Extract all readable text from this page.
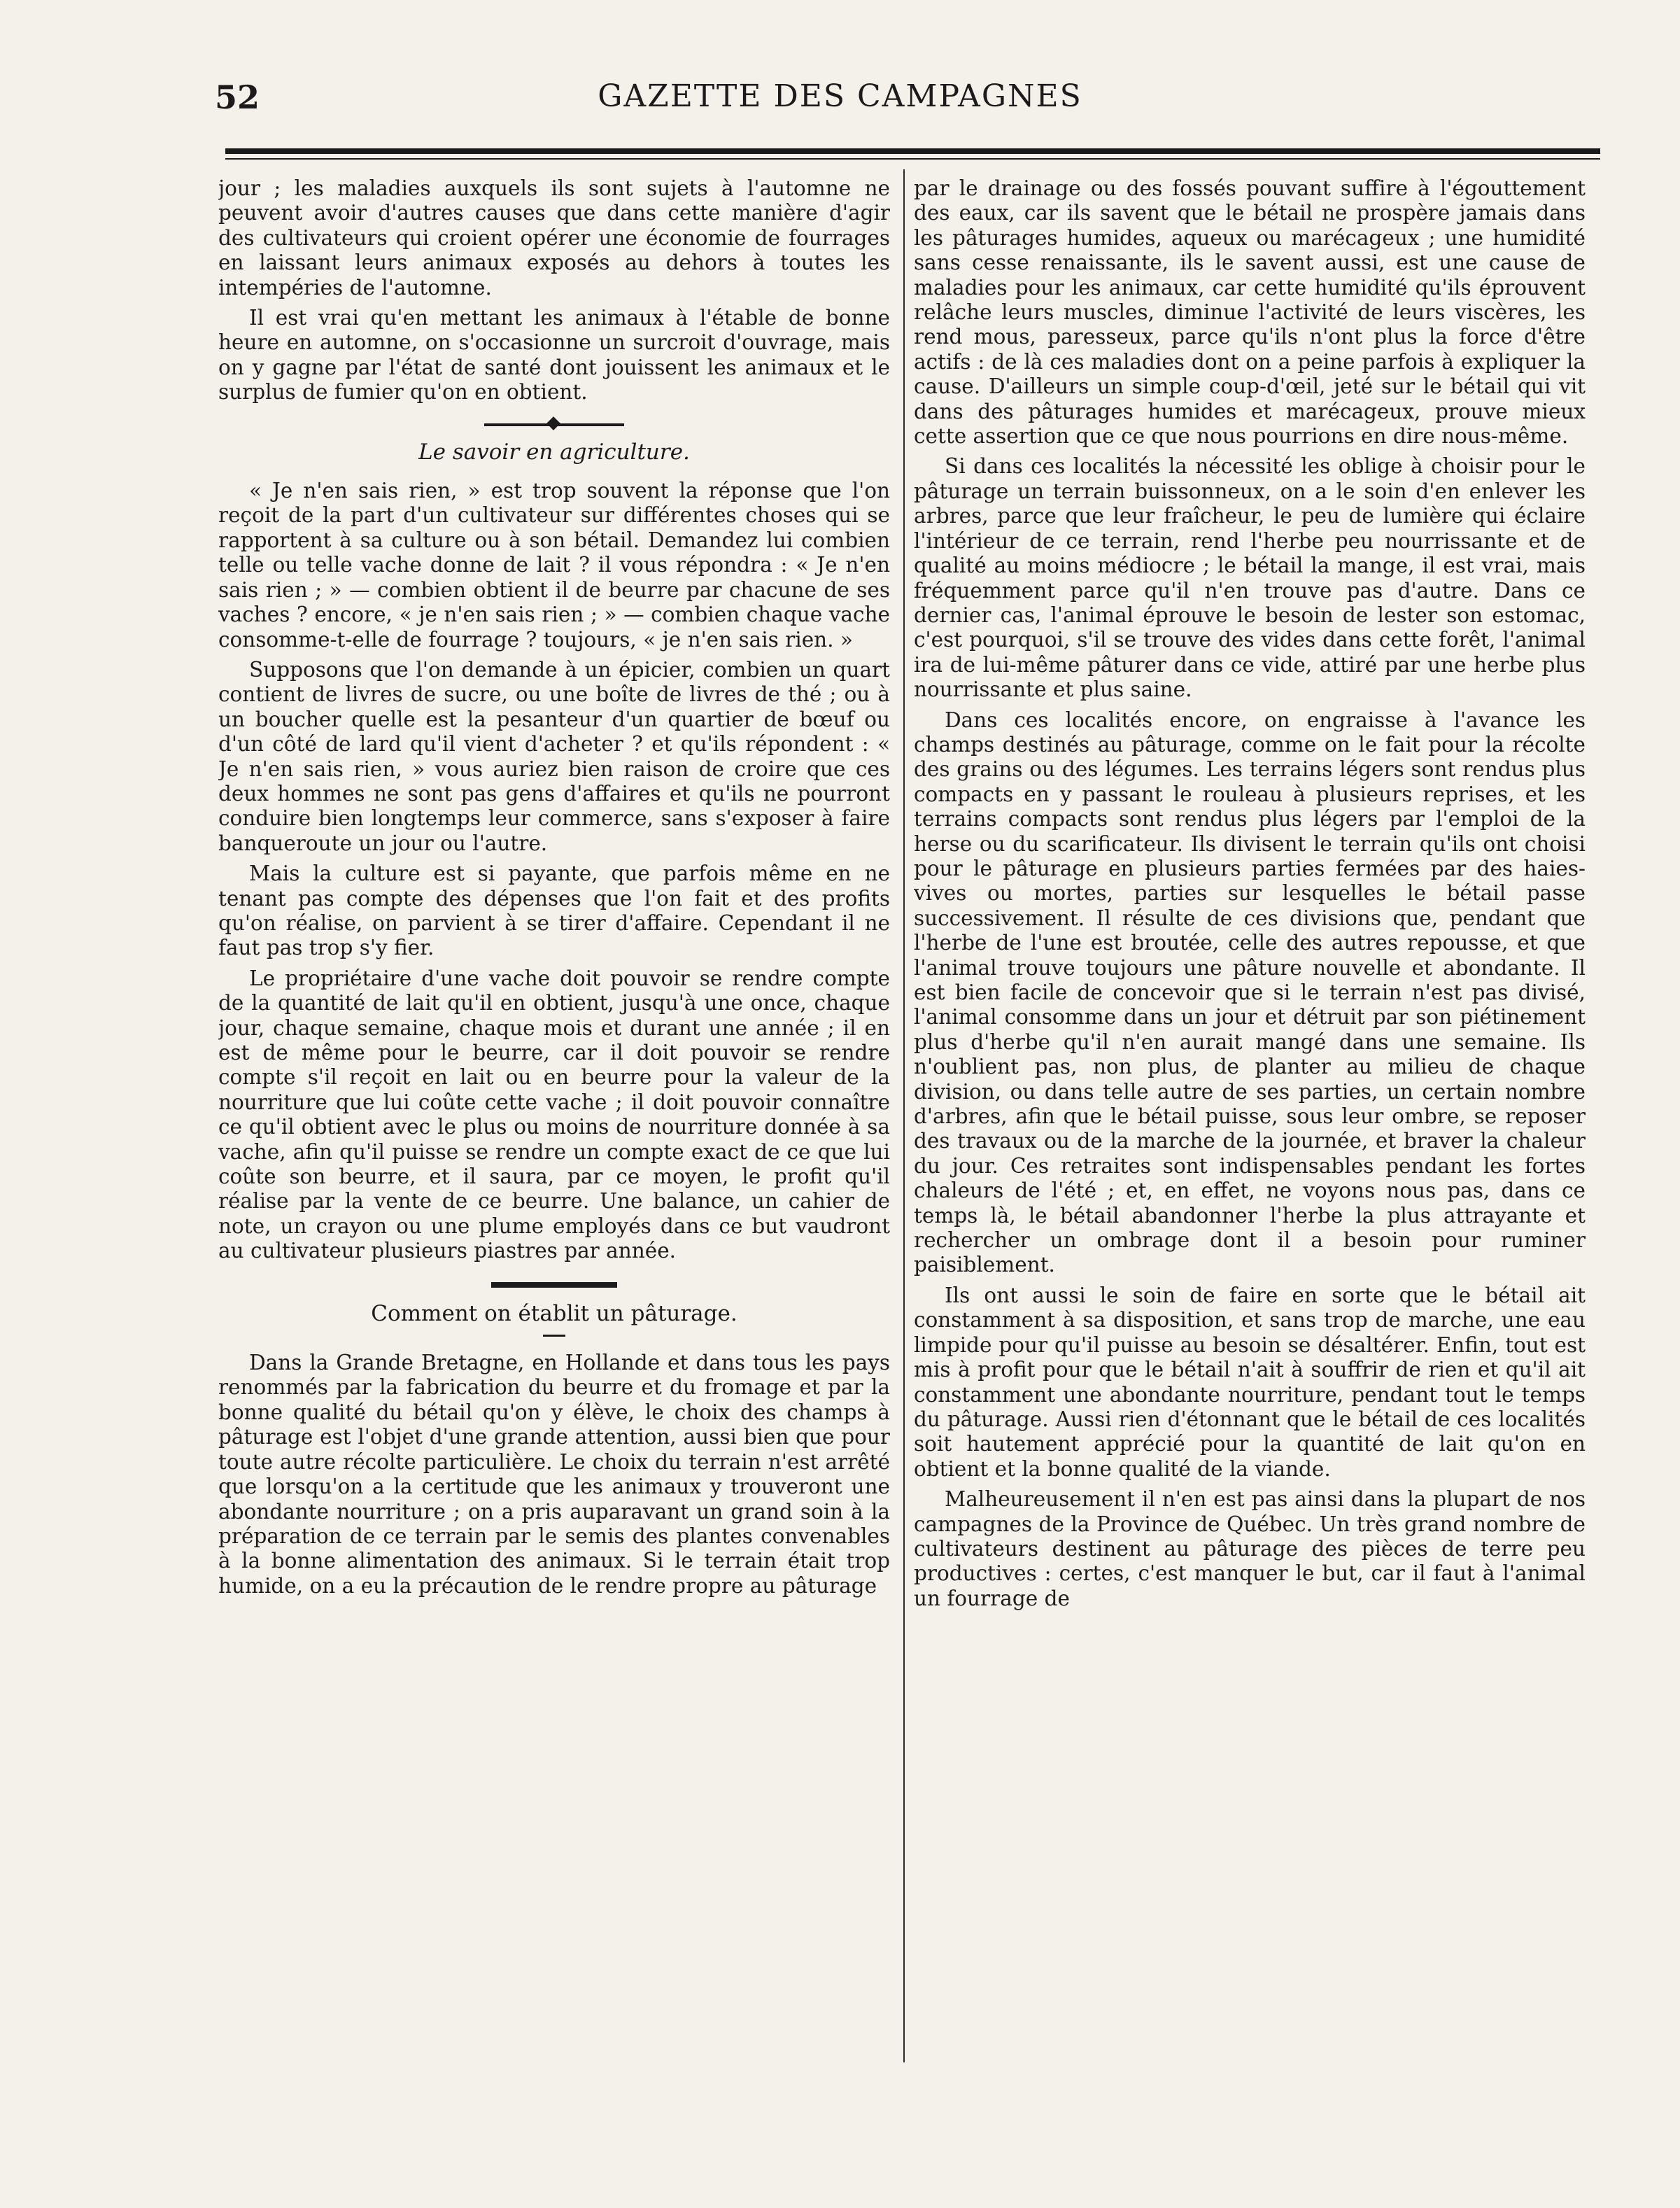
52	GAZETTE DES CAMPAGNES

jour ; les maladies auxquels ils sont sujets à l'automne ne peuvent avoir d'autres causes que dans cette manière d'agir des cultivateurs qui croient opérer une économie de fourrages en laissant leurs animaux exposés au dehors à toutes les intempéries de l'automne.

Il est vrai qu'en mettant les animaux à l'étable de bonne heure en automne, on s'occasionne un surcroit d'ouvrage, mais on y gagne par l'état de santé dont jouissent les animaux et le surplus de fumier qu'on en obtient.

Le savoir en agriculture.

« Je n'en sais rien, » est trop souvent la réponse que l'on reçoit de la part d'un cultivateur sur différentes choses qui se rapportent à sa culture ou à son bétail. Demandez lui combien telle ou telle vache donne de lait ? il vous répondra : « Je n'en sais rien ; » — combien obtient il de beurre par chacune de ses vaches ? encore, « je n'en sais rien ; » — combien chaque vache consomme-t-elle de fourrage ? toujours, « je n'en sais rien. »

Supposons que l'on demande à un épicier, combien un quart contient de livres de sucre, ou une boîte de livres de thé ; ou à un boucher quelle est la pesanteur d'un quartier de bœuf ou d'un côté de lard qu'il vient d'acheter ? et qu'ils répondent : « Je n'en sais rien, » vous auriez bien raison de croire que ces deux hommes ne sont pas gens d'affaires et qu'ils ne pourront conduire bien longtemps leur commerce, sans s'exposer à faire banqueroute un jour ou l'autre.

Mais la culture est si payante, que parfois même en ne tenant pas compte des dépenses que l'on fait et des profits qu'on réalise, on parvient à se tirer d'affaire. Cependant il ne faut pas trop s'y fier.

Le propriétaire d'une vache doit pouvoir se rendre compte de la quantité de lait qu'il en obtient, jusqu'à une once, chaque jour, chaque semaine, chaque mois et durant une année ; il en est de même pour le beurre, car il doit pouvoir se rendre compte s'il reçoit en lait ou en beurre pour la valeur de la nourriture que lui coûte cette vache ; il doit pouvoir connaître ce qu'il obtient avec le plus ou moins de nourriture donnée à sa vache, afin qu'il puisse se rendre un compte exact de ce que lui coûte son beurre, et il saura, par ce moyen, le profit qu'il réalise par la vente de ce beurre. Une balance, un cahier de note, un crayon ou une plume employés dans ce but vaudront au cultivateur plusieurs piastres par année.

Comment on établit un pâturage.

Dans la Grande Bretagne, en Hollande et dans tous les pays renommés par la fabrication du beurre et du fromage et par la bonne qualité du bétail qu'on y élève, le choix des champs à pâturage est l'objet d'une grande attention, aussi bien que pour toute autre récolte particulière. Le choix du terrain n'est arrêté que lorsqu'on a la certitude que les animaux y trouveront une abondante nourriture ; on a pris auparavant un grand soin à la préparation de ce terrain par le semis des plantes convenables à la bonne alimentation des animaux. Si le terrain était trop humide, on a eu la précaution de le rendre propre au pâturage

par le drainage ou des fossés pouvant suffire à l'égouttement des eaux, car ils savent que le bétail ne prospère jamais dans les pâturages humides, aqueux ou marécageux ; une humidité sans cesse renaissante, ils le savent aussi, est une cause de maladies pour les animaux, car cette humidité qu'ils éprouvent relâche leurs muscles, diminue l'activité de leurs viscères, les rend mous, paresseux, parce qu'ils n'ont plus la force d'être actifs : de là ces maladies dont on a peine parfois à expliquer la cause. D'ailleurs un simple coup-d'œil, jeté sur le bétail qui vit dans des pâturages humides et marécageux, prouve mieux cette assertion que ce que nous pourrions en dire nous-même.

Si dans ces localités la nécessité les oblige à choisir pour le pâturage un terrain buissonneux, on a le soin d'en enlever les arbres, parce que leur fraîcheur, le peu de lumière qui éclaire l'intérieur de ce terrain, rend l'herbe peu nourrissante et de qualité au moins médiocre ; le bétail la mange, il est vrai, mais fréquemment parce qu'il n'en trouve pas d'autre. Dans ce dernier cas, l'animal éprouve le besoin de lester son estomac, c'est pourquoi, s'il se trouve des vides dans cette forêt, l'animal ira de lui-même pâturer dans ce vide, attiré par une herbe plus nourrissante et plus saine.

Dans ces localités encore, on engraisse à l'avance les champs destinés au pâturage, comme on le fait pour la récolte des grains ou des légumes. Les terrains légers sont rendus plus compacts en y passant le rouleau à plusieurs reprises, et les terrains compacts sont rendus plus légers par l'emploi de la herse ou du scarificateur. Ils divisent le terrain qu'ils ont choisi pour le pâturage en plusieurs parties fermées par des haies-vives ou mortes, parties sur lesquelles le bétail passe successivement. Il résulte de ces divisions que, pendant que l'herbe de l'une est broutée, celle des autres repousse, et que l'animal trouve toujours une pâture nouvelle et abondante. Il est bien facile de concevoir que si le terrain n'est pas divisé, l'animal consomme dans un jour et détruit par son piétinement plus d'herbe qu'il n'en aurait mangé dans une semaine. Ils n'oublient pas, non plus, de planter au milieu de chaque division, ou dans telle autre de ses parties, un certain nombre d'arbres, afin que le bétail puisse, sous leur ombre, se reposer des travaux ou de la marche de la journée, et braver la chaleur du jour. Ces retraites sont indispensables pendant les fortes chaleurs de l'été ; et, en effet, ne voyons nous pas, dans ce temps là, le bétail abandonner l'herbe la plus attrayante et rechercher un ombrage dont il a besoin pour ruminer paisiblement.

Ils ont aussi le soin de faire en sorte que le bétail ait constamment à sa disposition, et sans trop de marche, une eau limpide pour qu'il puisse au besoin se désaltérer. Enfin, tout est mis à profit pour que le bétail n'ait à souffrir de rien et qu'il ait constamment une abondante nourriture, pendant tout le temps du pâturage. Aussi rien d'étonnant que le bétail de ces localités soit hautement apprécié pour la quantité de lait qu'on en obtient et la bonne qualité de la viande.

Malheureusement il n'en est pas ainsi dans la plupart de nos campagnes de la Province de Québec. Un très grand nombre de cultivateurs destinent au pâturage des pièces de terre peu productives : certes, c'est manquer le but, car il faut à l'animal un fourrage de
